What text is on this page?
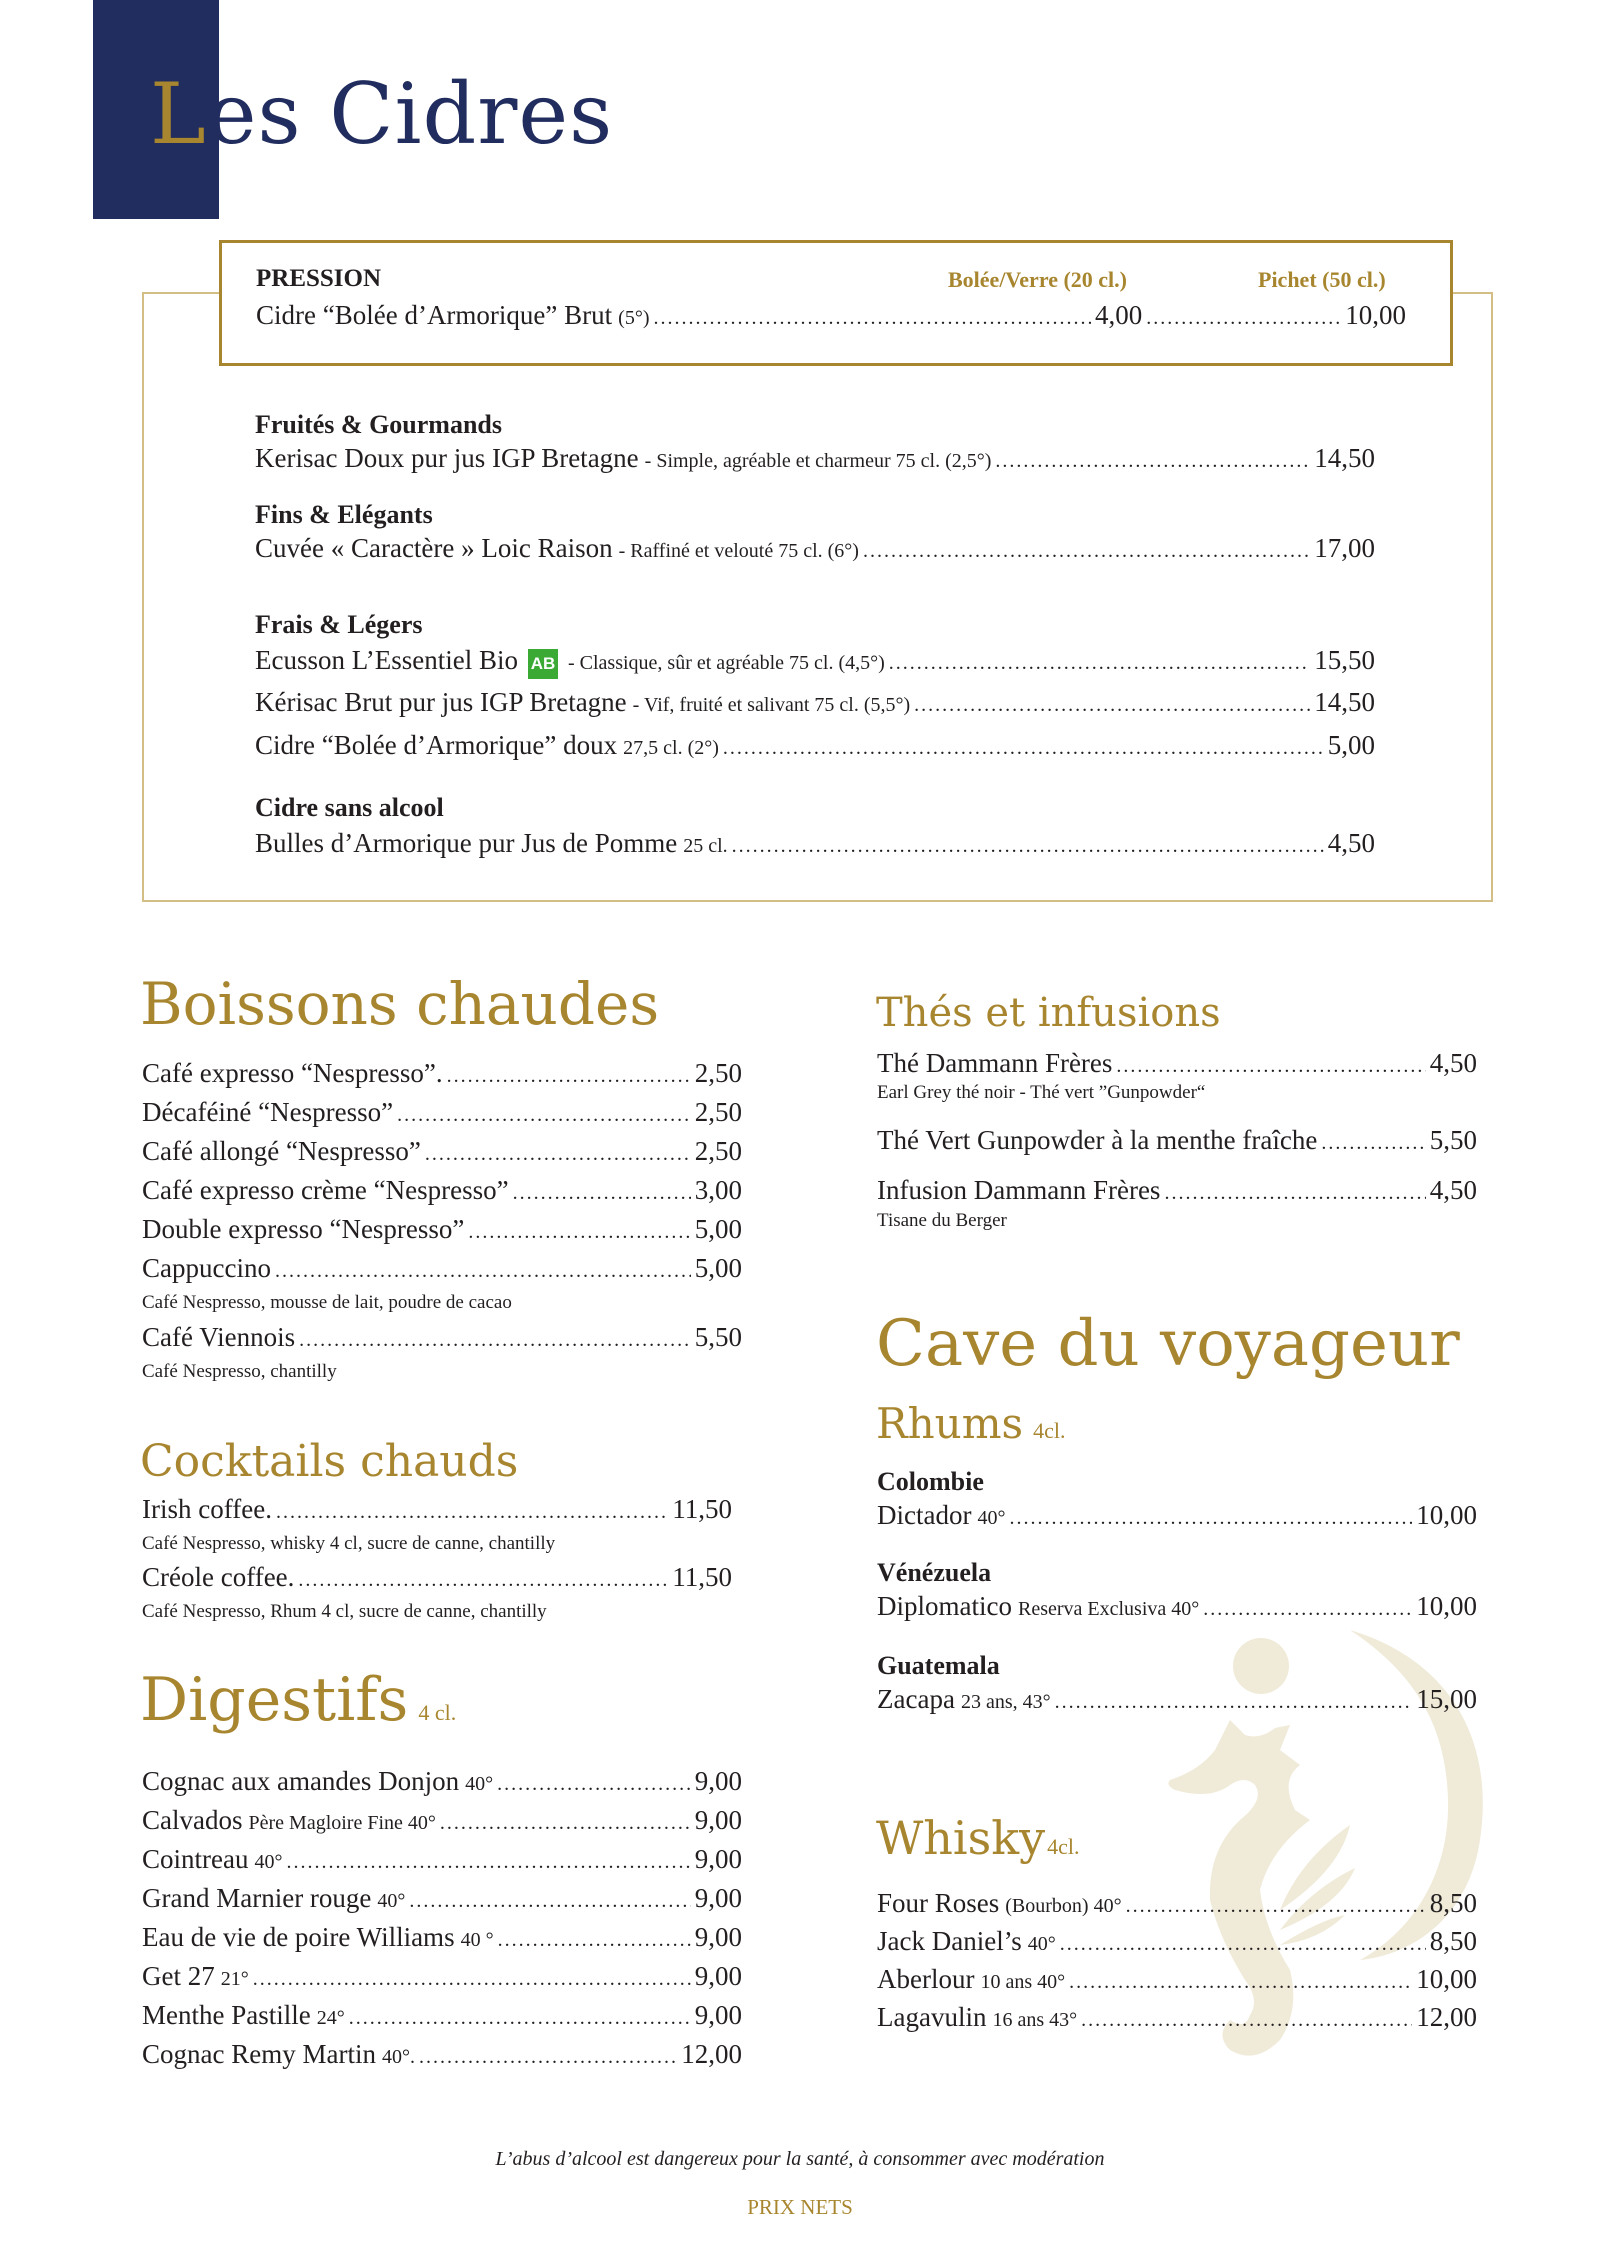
Les Cidres
PRESSION	Bolée/Verre (20 cl.)	Pichet (50 cl.)
Cidre “Bolée d’Armorique” Brut (5°) .....	4,00 .....	10,00
Fruités & Gourmands
Kerisac Doux pur jus IGP Bretagne - Simple, agréable et charmeur 75 cl. (2,5°) .....	14,50
Fins & Elégants
Cuvée « Caractère » Loic Raison - Raffiné et velouté 75 cl. (6°) .....	17,00
Frais & Légers
Ecusson L’Essentiel Bio AB - Classique, sûr et agréable 75 cl. (4,5°) .....	15,50
Kérisac Brut pur jus IGP Bretagne - Vif, fruité et salivant 75 cl. (5,5°) .....	14,50
Cidre “Bolée d’Armorique” doux 27,5 cl. (2°) .....	5,00
Cidre sans alcool
Bulles d’Armorique pur Jus de Pomme 25 cl. .....	4,50
Boissons chaudes
Café expresso “Nespresso”. .....	2,50
Décaféiné “Nespresso” .....	2,50
Café allongé “Nespresso” .....	2,50
Café expresso crème “Nespresso” .....	3,00
Double expresso “Nespresso” .....	5,00
Cappuccino .....	5,00
Café Nespresso, mousse de lait, poudre de cacao
Café Viennois .....	5,50
Café Nespresso, chantilly
Cocktails chauds
Irish coffee. .....	11,50
Café Nespresso, whisky 4 cl, sucre de canne, chantilly
Créole coffee. .....	11,50
Café Nespresso, Rhum 4 cl, sucre de canne, chantilly
Digestifs 4 cl.
Cognac aux amandes Donjon 40° .....	9,00
Calvados Père Magloire Fine 40° .....	9,00
Cointreau 40° .....	9,00
Grand Marnier rouge 40° .....	9,00
Eau de vie de poire Williams 40 ° .....	9,00
Get 27 21° .....	9,00
Menthe Pastille 24° .....	9,00
Cognac Remy Martin 40°. .....	12,00
Thés et infusions
Thé Dammann Frères .....	4,50
Earl Grey thé noir - Thé vert ”Gunpowder“
Thé Vert Gunpowder à la menthe fraîche .....	5,50
Infusion Dammann Frères .....	4,50
Tisane du Berger
Cave du voyageur
Rhums 4cl.
Colombie
Dictador 40° .....	10,00
Vénézuela
Diplomatico Reserva Exclusiva 40° .....	10,00
Guatemala
Zacapa 23 ans, 43° .....	15,00
Whisky4cl.
Four Roses (Bourbon) 40° .....	8,50
Jack Daniel’s 40° .....	8,50
Aberlour 10 ans 40° .....	10,00
Lagavulin 16 ans 43° .....	12,00
L’abus d’alcool est dangereux pour la santé, à consommer avec modération
PRIX NETS
